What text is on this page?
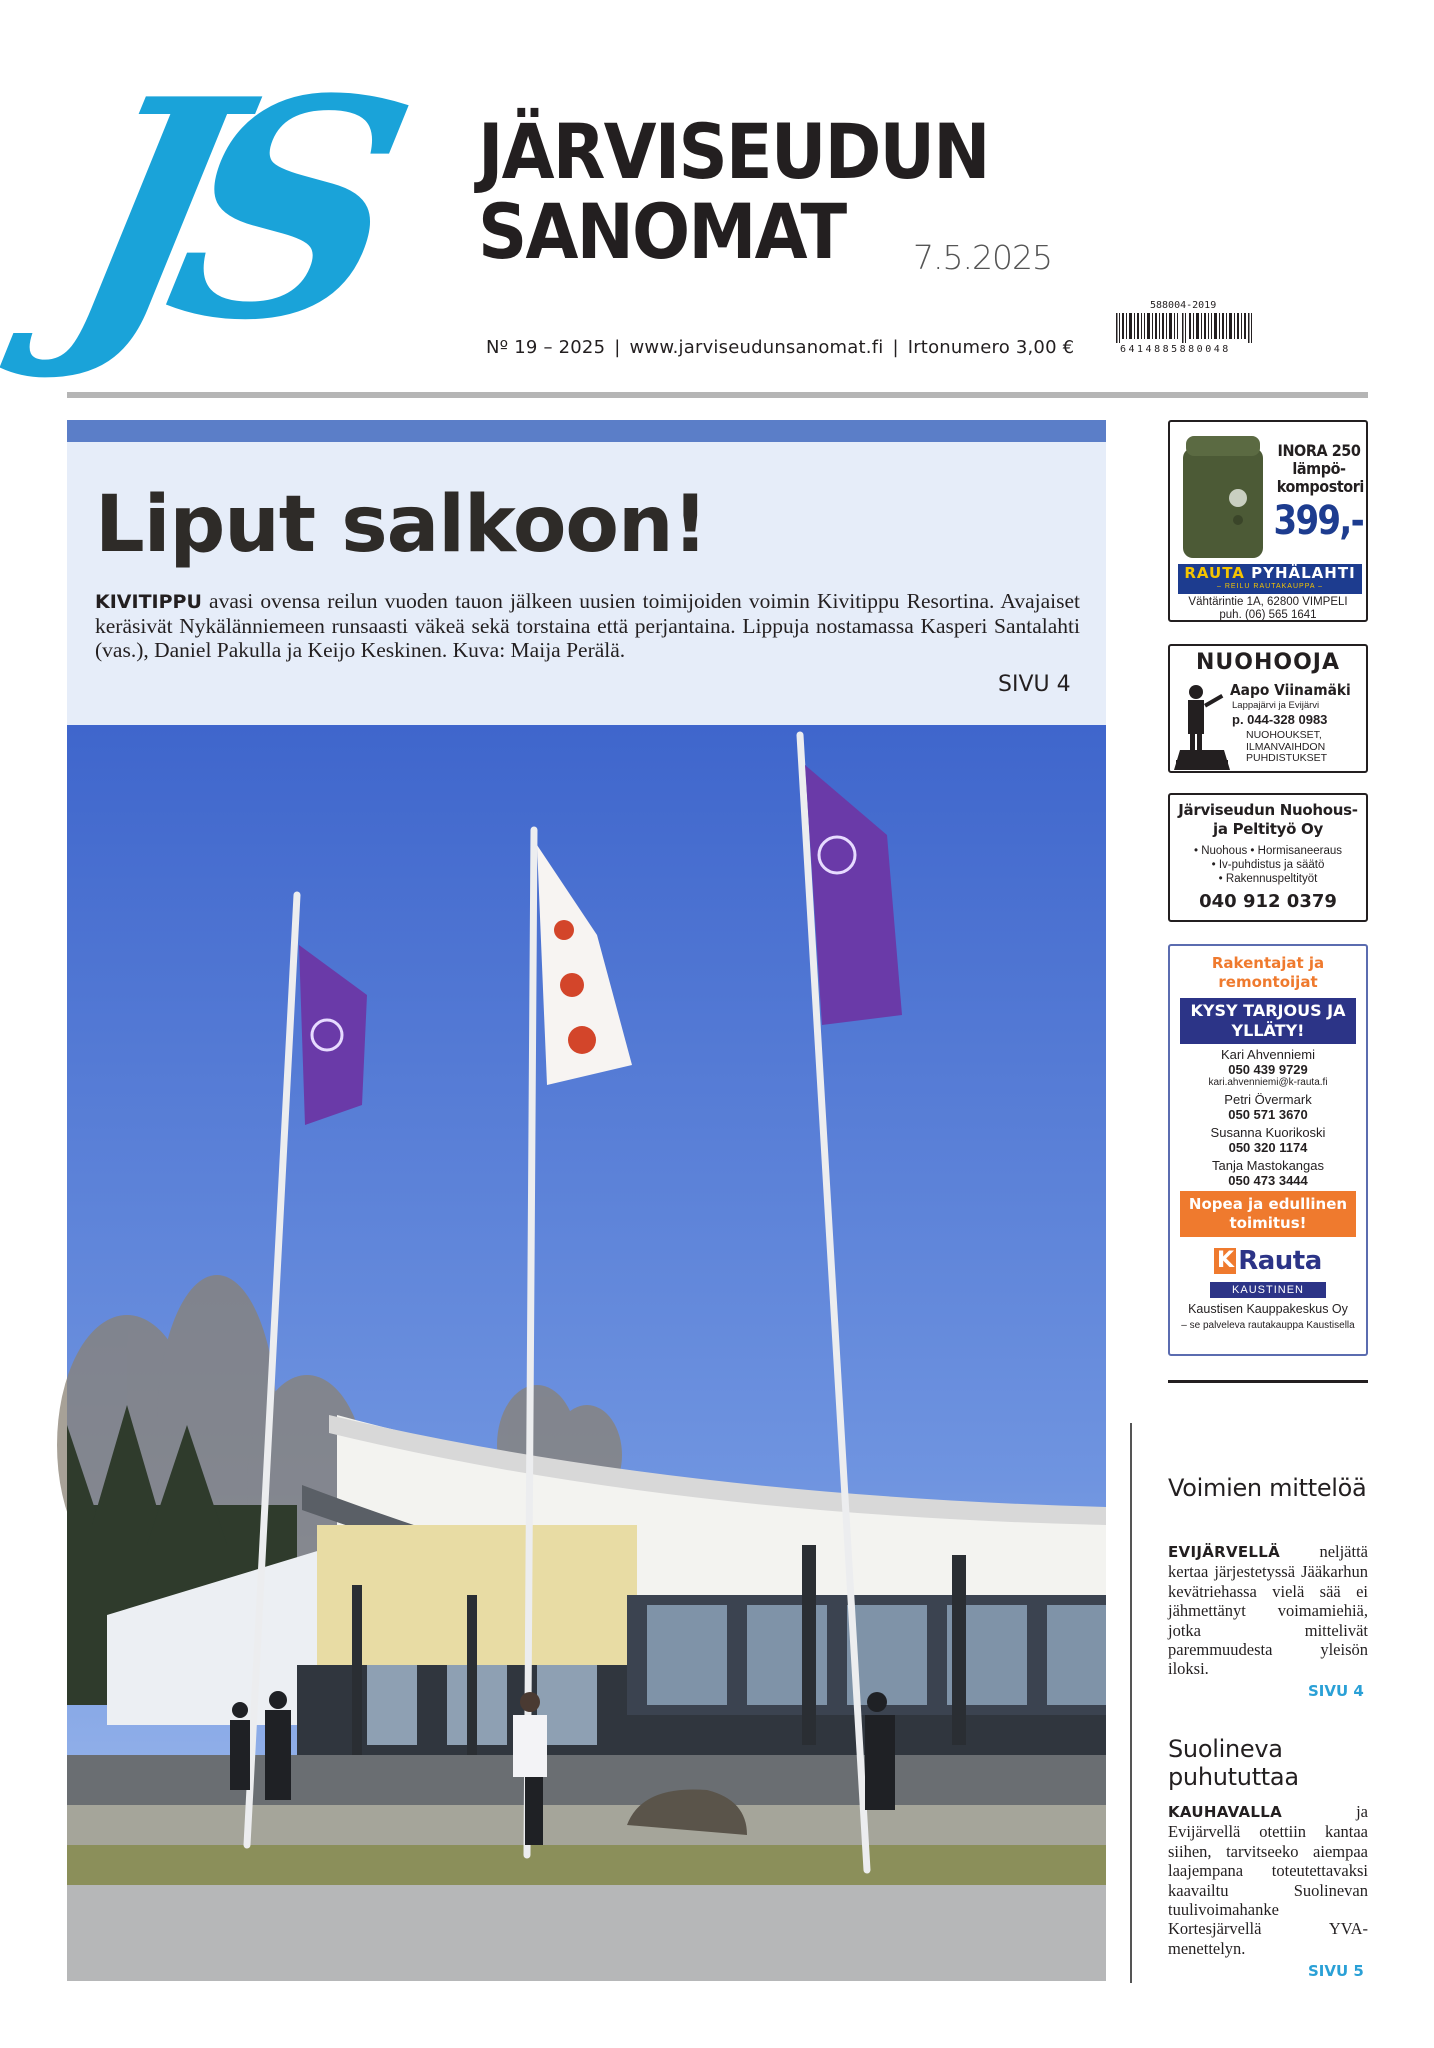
JS	JÄRVISEUDUN
SANOMAT	7.5.2025
Nº 19 – 2025 | www.jarviseudunsanomat.fi | Irtonumero 3,00 €
588004-2019
6414885880048
Liput salkoon!

KIVITIPPU avasi ovensa reilun vuoden tauon jälkeen uusien toimijoiden voimin Kivitippu Resortina. Avajaiset keräsivät Nykälänniemeen runsaasti väkeä sekä torstaina että perjantaina. Lippuja nostamassa Kasperi Santalahti (vas.), Daniel Pakulla ja Keijo Keskinen. Kuva: Maija Perälä.

SIVU 4
INORA 250 lämpö-kompostori
399,-
RAUTA PYHÄLAHTI
– REILU RAUTAKAUPPA –
Vähtärintie 1A, 62800 VIMPELI
puh. (06) 565 1641
NUOHOOJA
Aapo Viinamäki
Lappajärvi ja Evijärvi
p. 044-328 0983
NUOHOUKSET,
ILMANVAIHDON
PUHDISTUKSET
Järviseudun Nuohous- ja Peltityö Oy
• Nuohous • Hormisaneeraus
• Iv-puhdistus ja säätö
• Rakennuspeltityöt
040 912 0379
Rakentajat ja remontoijat
KYSY TARJOUS JA YLLÄTY!
Kari Ahvenniemi
050 439 9729
kari.ahvenniemi@k-rauta.fi
Petri Övermark
050 571 3670
Susanna Kuorikoski
050 320 1174
Tanja Mastokangas
050 473 3444
Nopea ja edullinen toimitus!
K Rauta
KAUSTINEN
Kaustisen Kauppakeskus Oy
– se palveleva rautakauppa Kaustisella
Voimien mittelöä

EVIJÄRVELLÄ neljättä kertaa järjestetyssä Jääkarhun kevätriehassa vielä sää ei jähmettänyt voimamiehiä, jotka mittelivät paremmuudesta yleisön iloksi.

SIVU 4
Suolineva puhututtaa

KAUHAVALLA ja Evijärvellä otettiin kantaa siihen, tarvitseeko aiempaa laajempana toteutettavaksi kaavailtu Suolinevan tuulivoimahanke Kortesjärvellä YVA-menettelyn.

SIVU 5
